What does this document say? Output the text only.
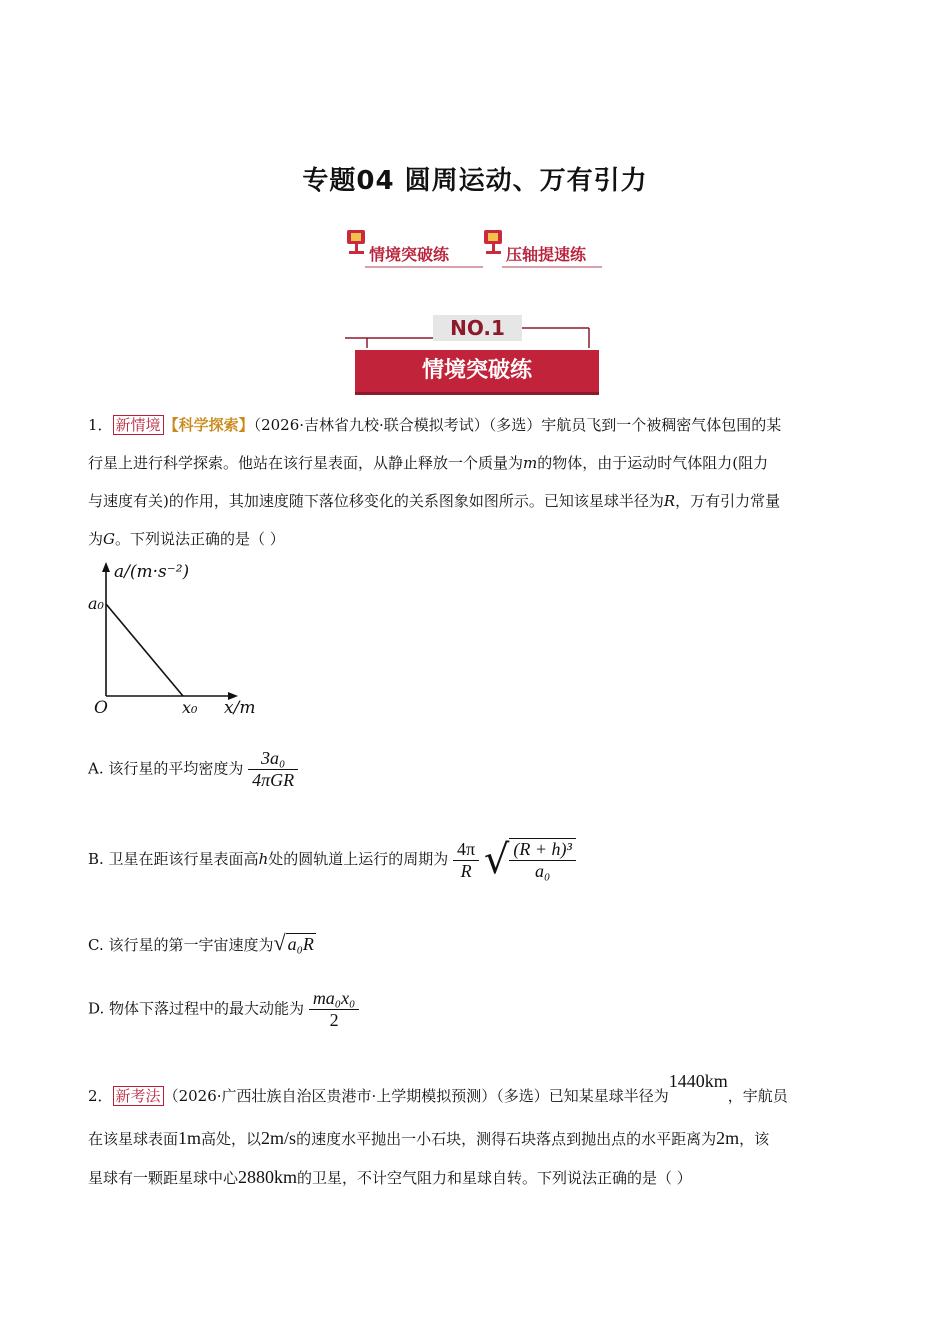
专题04 圆周运动、万有引力
情境突破练	压轴提速练
NO.1
情境突破练
1． 新情境 【科学探索】（2026·吉林省九校·联合模拟考试）（多选）宇航员飞到一个被稠密气体包围的某
行星上进行科学探索。他站在该行星表面，从静止释放一个质量为m的物体，由于运动时气体阻力(阻力
与速度有关)的作用，其加速度随下落位移变化的关系图象如图所示。已知该星球半径为R，万有引力常量
为G。下列说法正确的是（ ）
a/(m·s⁻²)
a₀
O	x₀ x/m
A. 该行星的平均密度为 $\frac{\text{3a₀}}{\text{4πGR}}$
B. 卫星在距该行星表面高h处的圆轨道上运行的周期为 $\frac{4\pi}{R}$ √ $\frac{\text{(R + h)³}}{\text{a₀}}$
C. 该行星的第一宇宙速度为√ a₀R
D. 物体下落过程中的最大动能为 $\frac{\text{ma₀x₀}}{2}$
2． 新考法 （2026·广西壮族自治区贵港市·上学期模拟预测）（多选）已知某星球半径为1440km，宇航员
在该星球表面1m高处，以2m/s的速度水平抛出一小石块，测得石块落点到抛出点的水平距离为2m，该
星球有一颗距星球中心2880km的卫星，不计空气阻力和星球自转。下列说法正确的是（ ）
